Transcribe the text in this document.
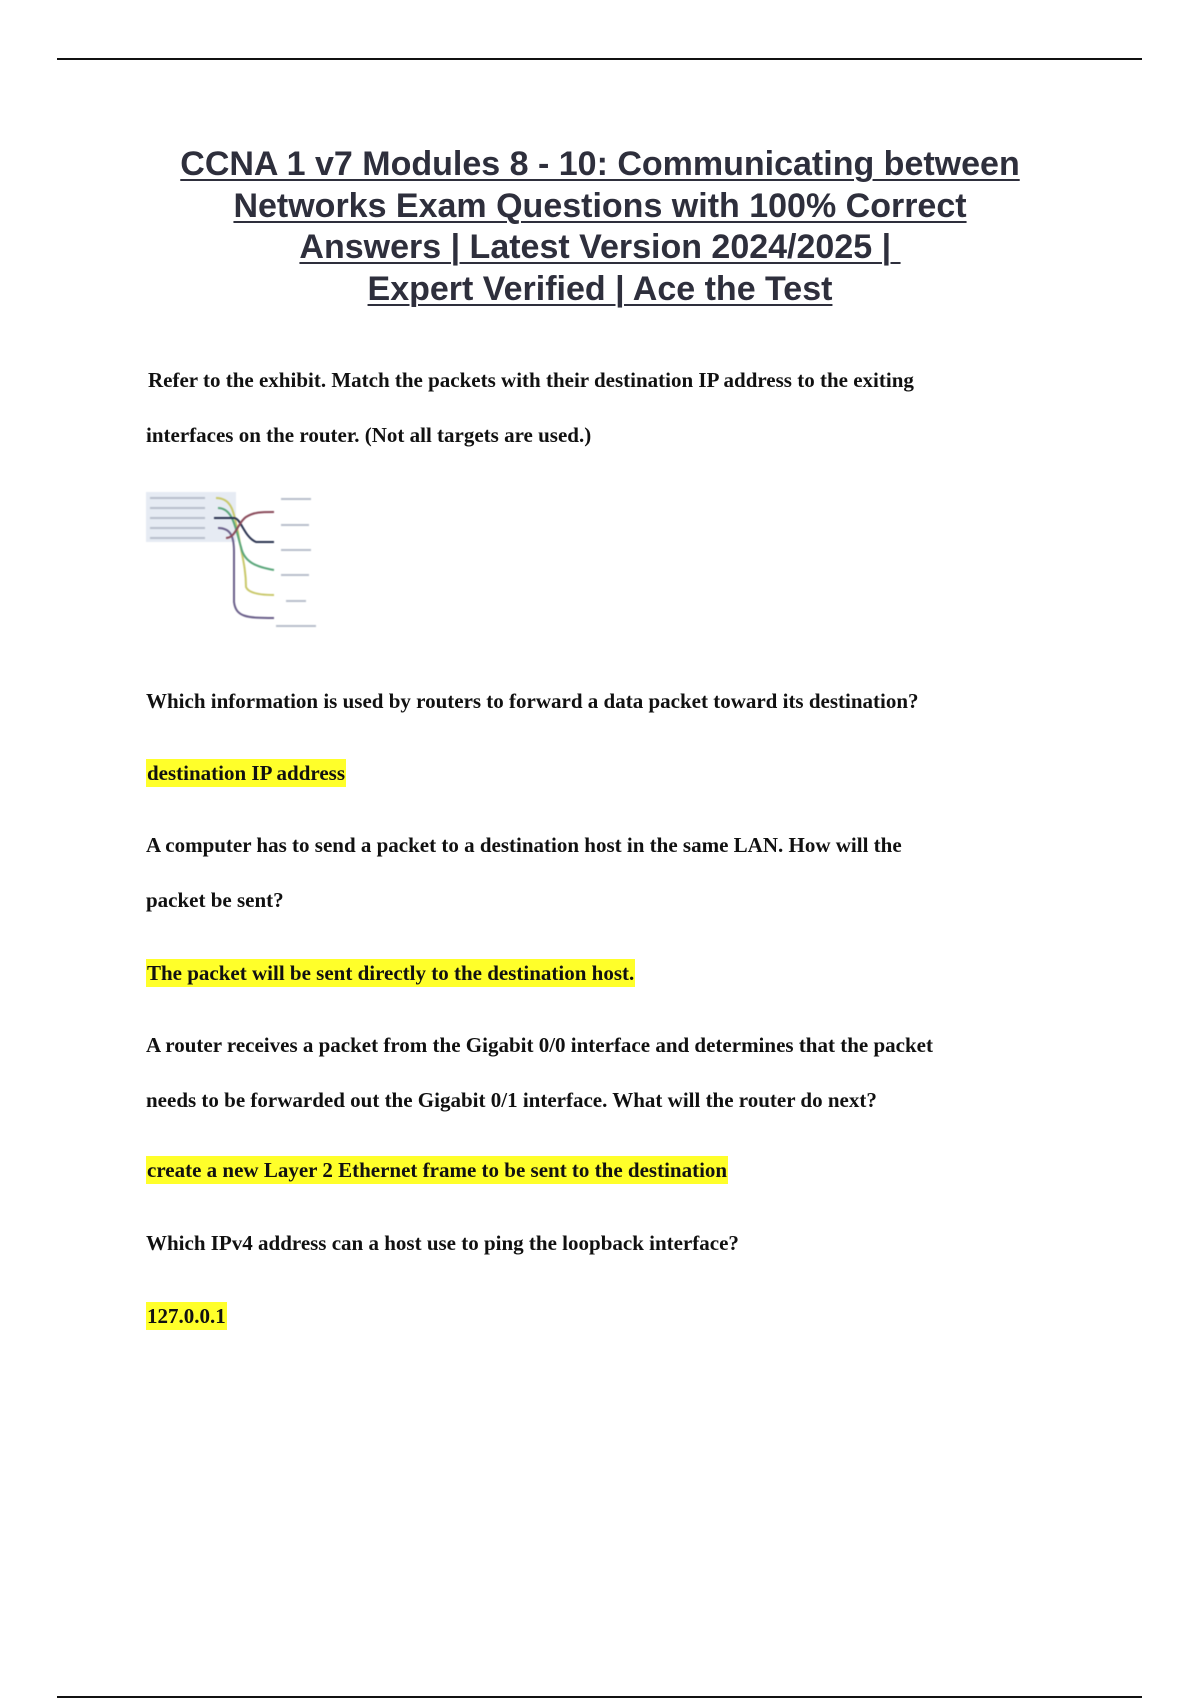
CCNA 1 v7 Modules 8 - 10: Communicating between
Networks Exam Questions with 100% Correct
Answers | Latest Version 2024/2025 |
Expert Verified | Ace the Test
Refer to the exhibit. Match the packets with their destination IP address to the exiting
interfaces on the router. (Not all targets are used.)
Which information is used by routers to forward a data packet toward its destination?
destination IP address
A computer has to send a packet to a destination host in the same LAN. How will the
packet be sent?
The packet will be sent directly to the destination host.
A router receives a packet from the Gigabit 0/0 interface and determines that the packet
needs to be forwarded out the Gigabit 0/1 interface. What will the router do next?
create a new Layer 2 Ethernet frame to be sent to the destination
Which IPv4 address can a host use to ping the loopback interface?
127.0.0.1
